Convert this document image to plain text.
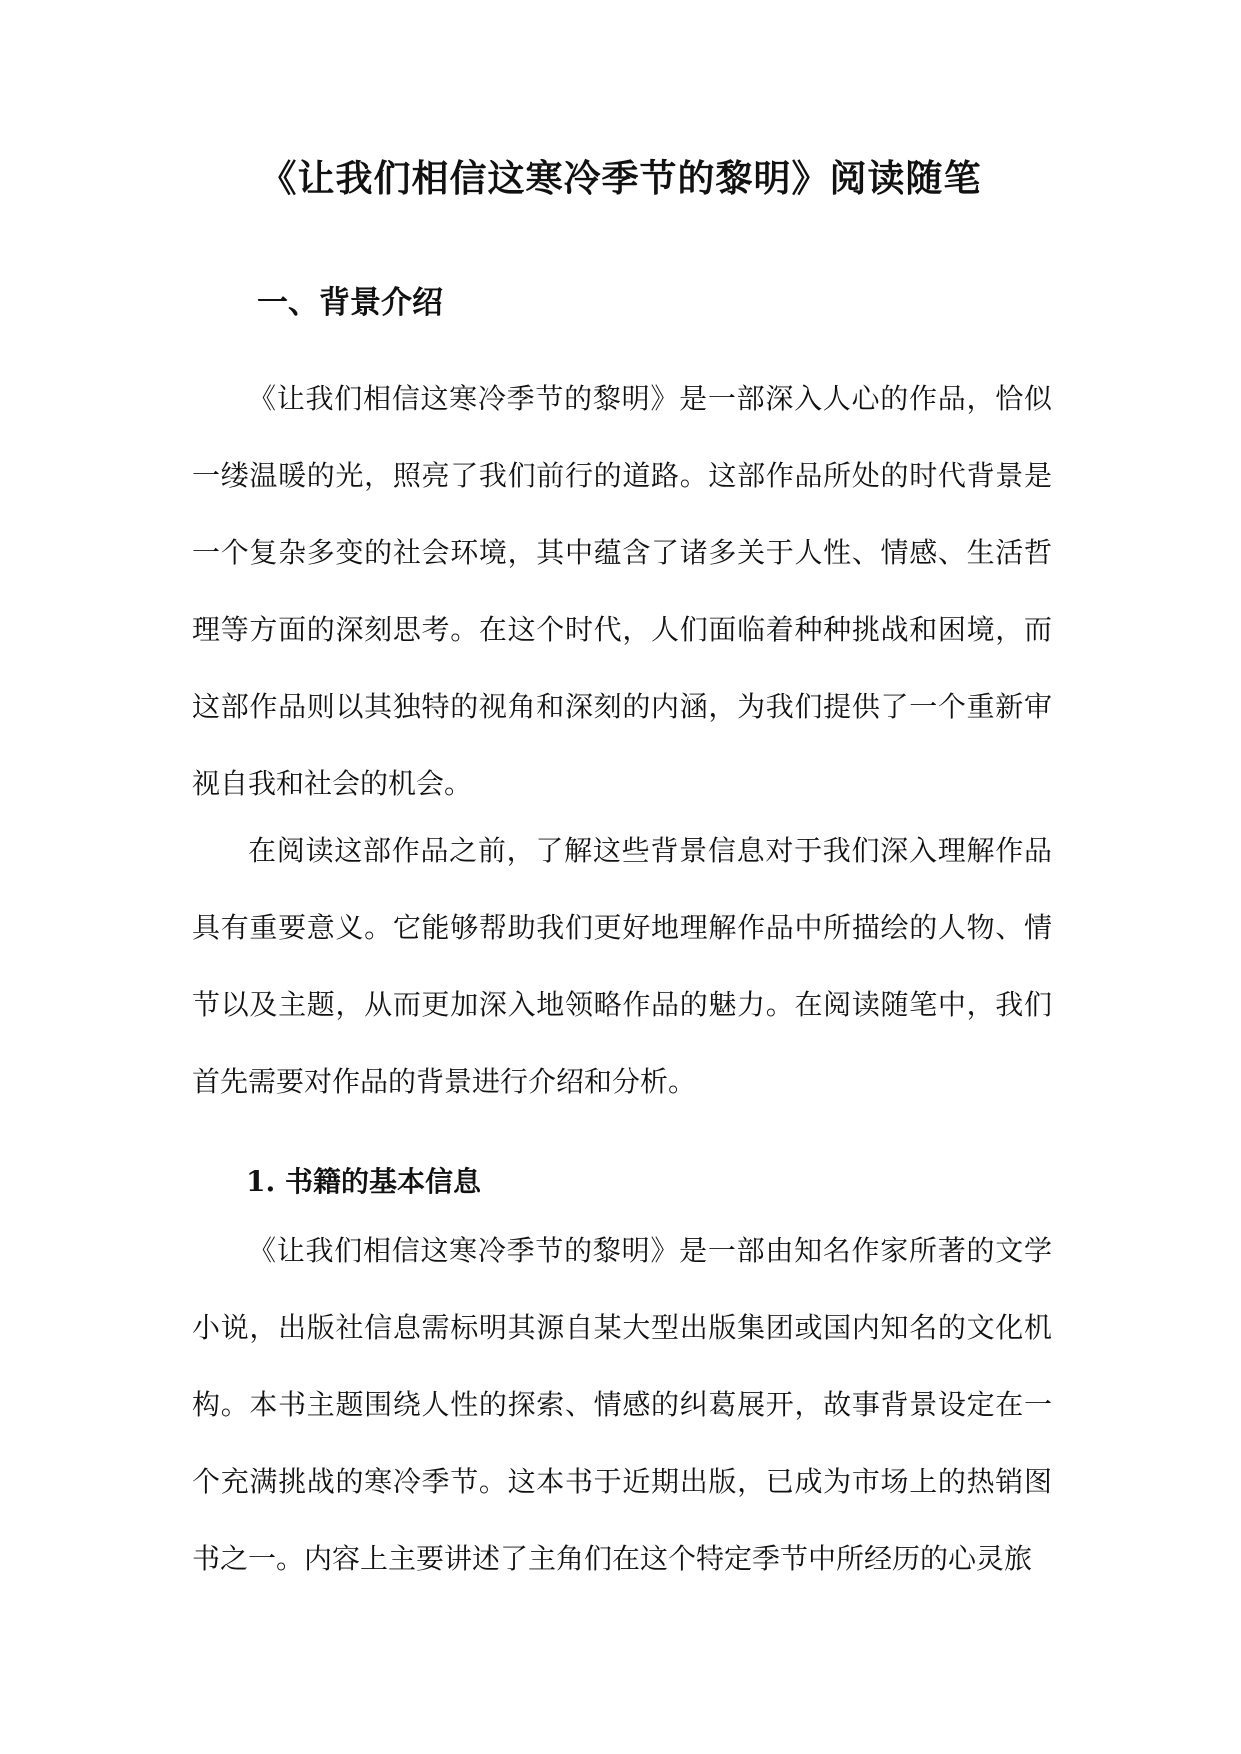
《让我们相信这寒冷季节的黎明》阅读随笔
一、背景介绍

《让我们相信这寒冷季节的黎明》是一部深入人心的作品，恰似一缕温暖的光，照亮了我们前行的道路。这部作品所处的时代背景是一个复杂多变的社会环境，其中蕴含了诸多关于人性、情感、生活哲理等方面的深刻思考。在这个时代，人们面临着种种挑战和困境，而这部作品则以其独特的视角和深刻的内涵，为我们提供了一个重新审视自我和社会的机会。

在阅读这部作品之前，了解这些背景信息对于我们深入理解作品具有重要意义。它能够帮助我们更好地理解作品中所描绘的人物、情节以及主题，从而更加深入地领略作品的魅力。在阅读随笔中，我们首先需要对作品的背景进行介绍和分析。

1. 书籍的基本信息

《让我们相信这寒冷季节的黎明》是一部由知名作家所著的文学小说，出版社信息需标明其源自某大型出版集团或国内知名的文化机构。本书主题围绕人性的探索、情感的纠葛展开，故事背景设定在一个充满挑战的寒冷季节。这本书于近期出版，已成为市场上的热销图书之一。内容上主要讲述了主角们在这个特定季节中所经历的心灵旅
